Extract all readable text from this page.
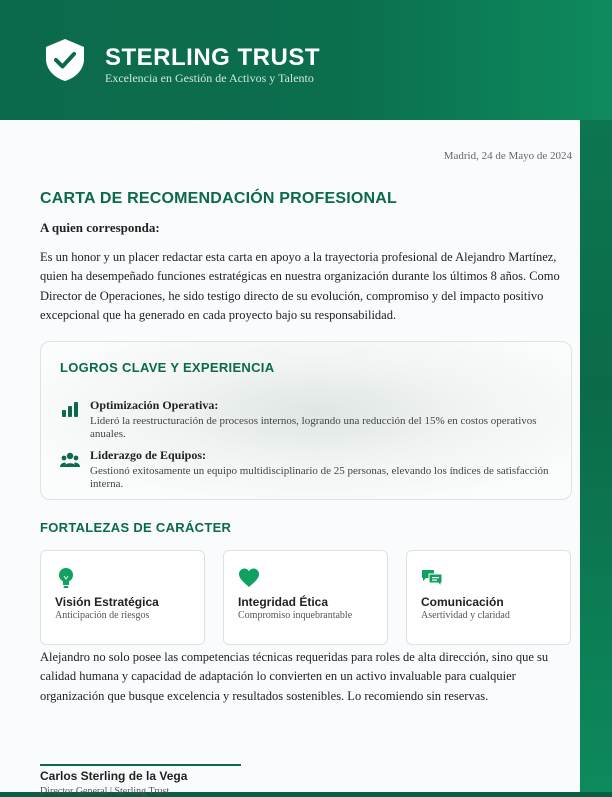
STERLING TRUST
Excelencia en Gestión de Activos y Talento
Madrid, 24 de Mayo de 2024
CARTA DE RECOMENDACIÓN PROFESIONAL
A quien corresponda:
Es un honor y un placer redactar esta carta en apoyo a la trayectoria profesional de Alejandro Martínez, quien ha desempeñado funciones estratégicas en nuestra organización durante los últimos 8 años. Como Director de Operaciones, he sido testigo directo de su evolución, compromiso y del impacto positivo excepcional que ha generado en cada proyecto bajo su responsabilidad.
LOGROS CLAVE Y EXPERIENCIA
Optimización Operativa:
Lideró la reestructuración de procesos internos, logrando una reducción del 15% en costos operativos anuales.
Liderazgo de Equipos:
Gestionó exitosamente un equipo multidisciplinario de 25 personas, elevando los índices de satisfacción interna.
FORTALEZAS DE CARÁCTER
Visión Estratégica
Anticipación de riesgos
Integridad Ética
Compromiso inquebrantable
Comunicación
Asertividad y claridad
Alejandro no solo posee las competencias técnicas requeridas para roles de alta dirección, sino que su calidad humana y capacidad de adaptación lo convierten en un activo invaluable para cualquier organización que busque excelencia y resultados sostenibles. Lo recomiendo sin reservas.
Carlos Sterling de la Vega
Director General | Sterling Trust
